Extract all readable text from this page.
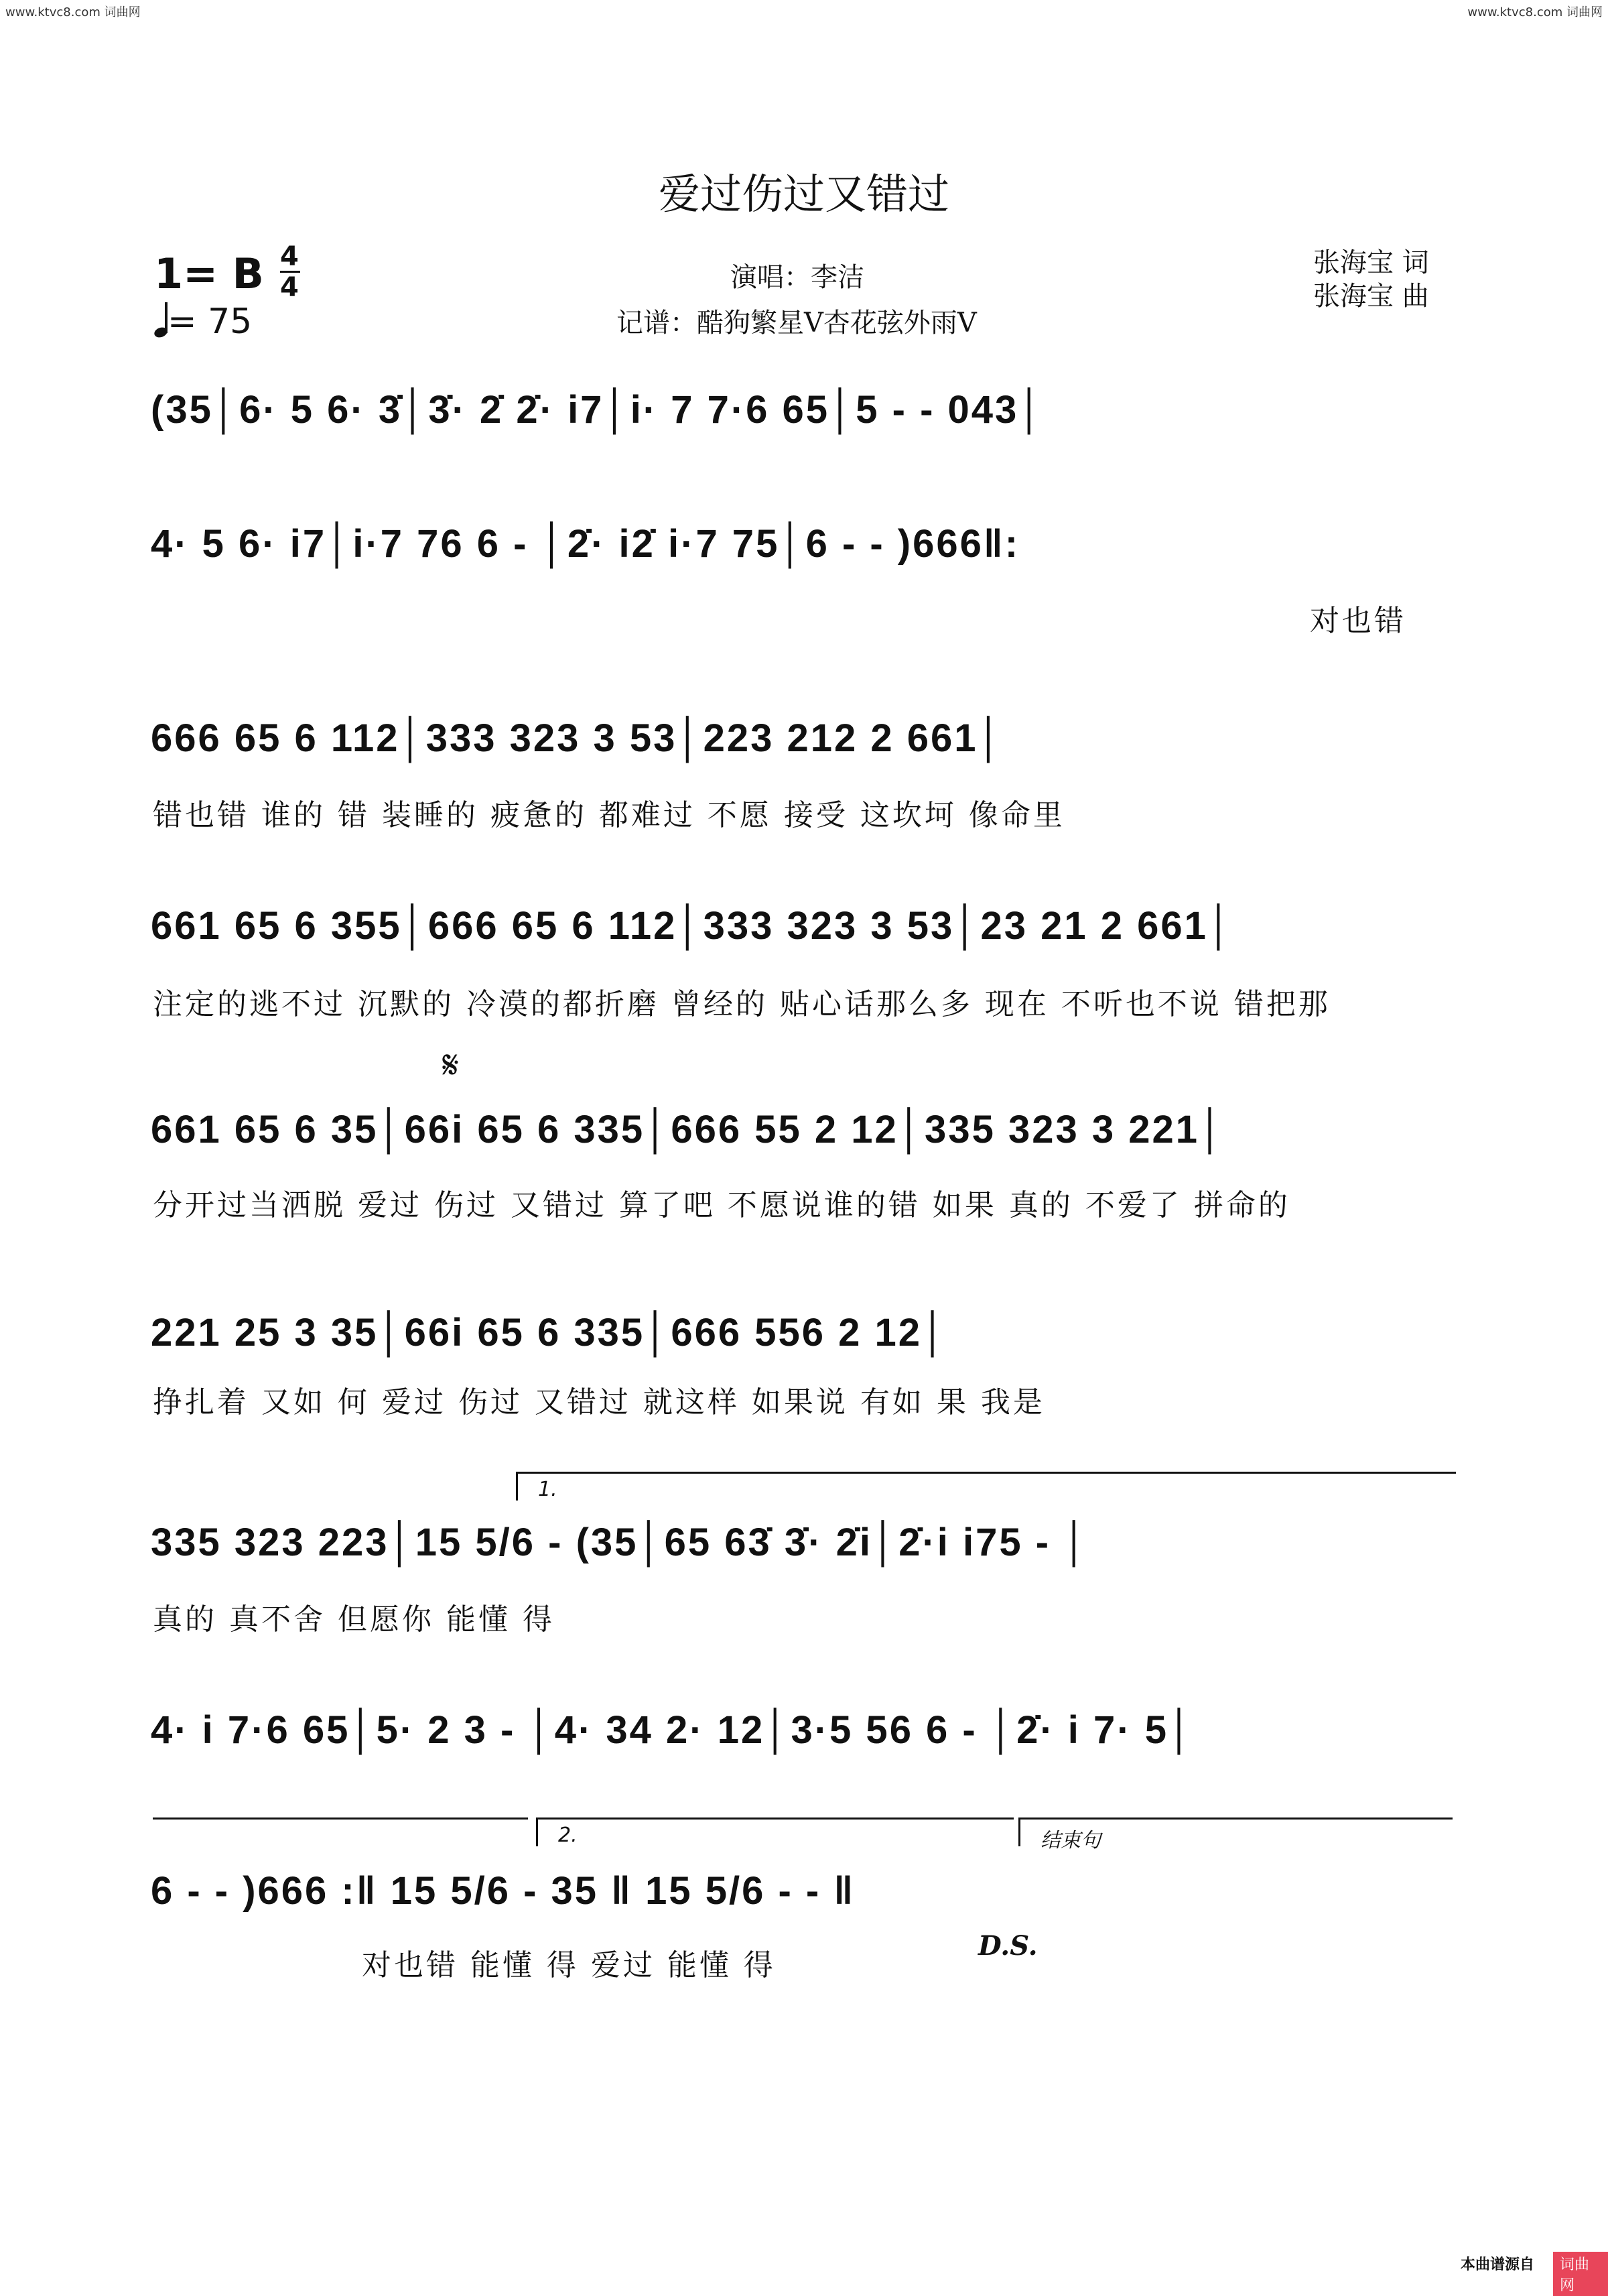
www.ktvc8.com 词曲网	www.ktvc8.com 词曲网
爱过伤过又错过
1= B 4
4
= 75
演唱：李洁
记谱：酷狗繁星V杏花弦外雨V
张海宝 词
张海宝 曲
(35│6· 5 6· 3̇│3̇· 2̇ 2̇· i7│i· 7 7·6 65│5 - - 043│
4· 5 6· i7│i·7 76 6 - │2̇· i2̇ i·7 75│6 - - )666‖:
对也错
666 65 6 112│333 323 3 53│223 212 2 661│
错也错 谁的 错 装睡的 疲惫的 都难过 不愿 接受 这坎坷 像命里
661 65 6 355│666 65 6 112│333 323 3 53│23 21 2 661│
注定的逃不过 沉默的 冷漠的都折磨 曾经的 贴心话那么多 现在 不听也不说 错把那
𝄋
661 65 6 35│66i 65 6 335│666 55 2 12│335 323 3 221│
分开过当洒脱 爱过 伤过 又错过 算了吧 不愿说谁的错 如果 真的 不爱了 拼命的
221 25 3 35│66i 65 6 335│666 556 2 12│
挣扎着 又如 何 爱过 伤过 又错过 就这样 如果说 有如 果 我是
1.
335 323 223│15 5/6 - (35│65 63̇ 3̇· 2̇i│2̇·i i75 - │
真的 真不舍 但愿你 能懂 得
4· i 7·6 65│5· 2 3 - │4· 34 2· 12│3·5 56 6 - │2̇· i 7· 5│
2.	结束句
6 - - )666 :‖ 15 5/6 - 35 ‖ 15 5/6 - - ‖
D.S.
对也错 能懂 得 爱过 能懂 得
本曲谱源自	词曲网
